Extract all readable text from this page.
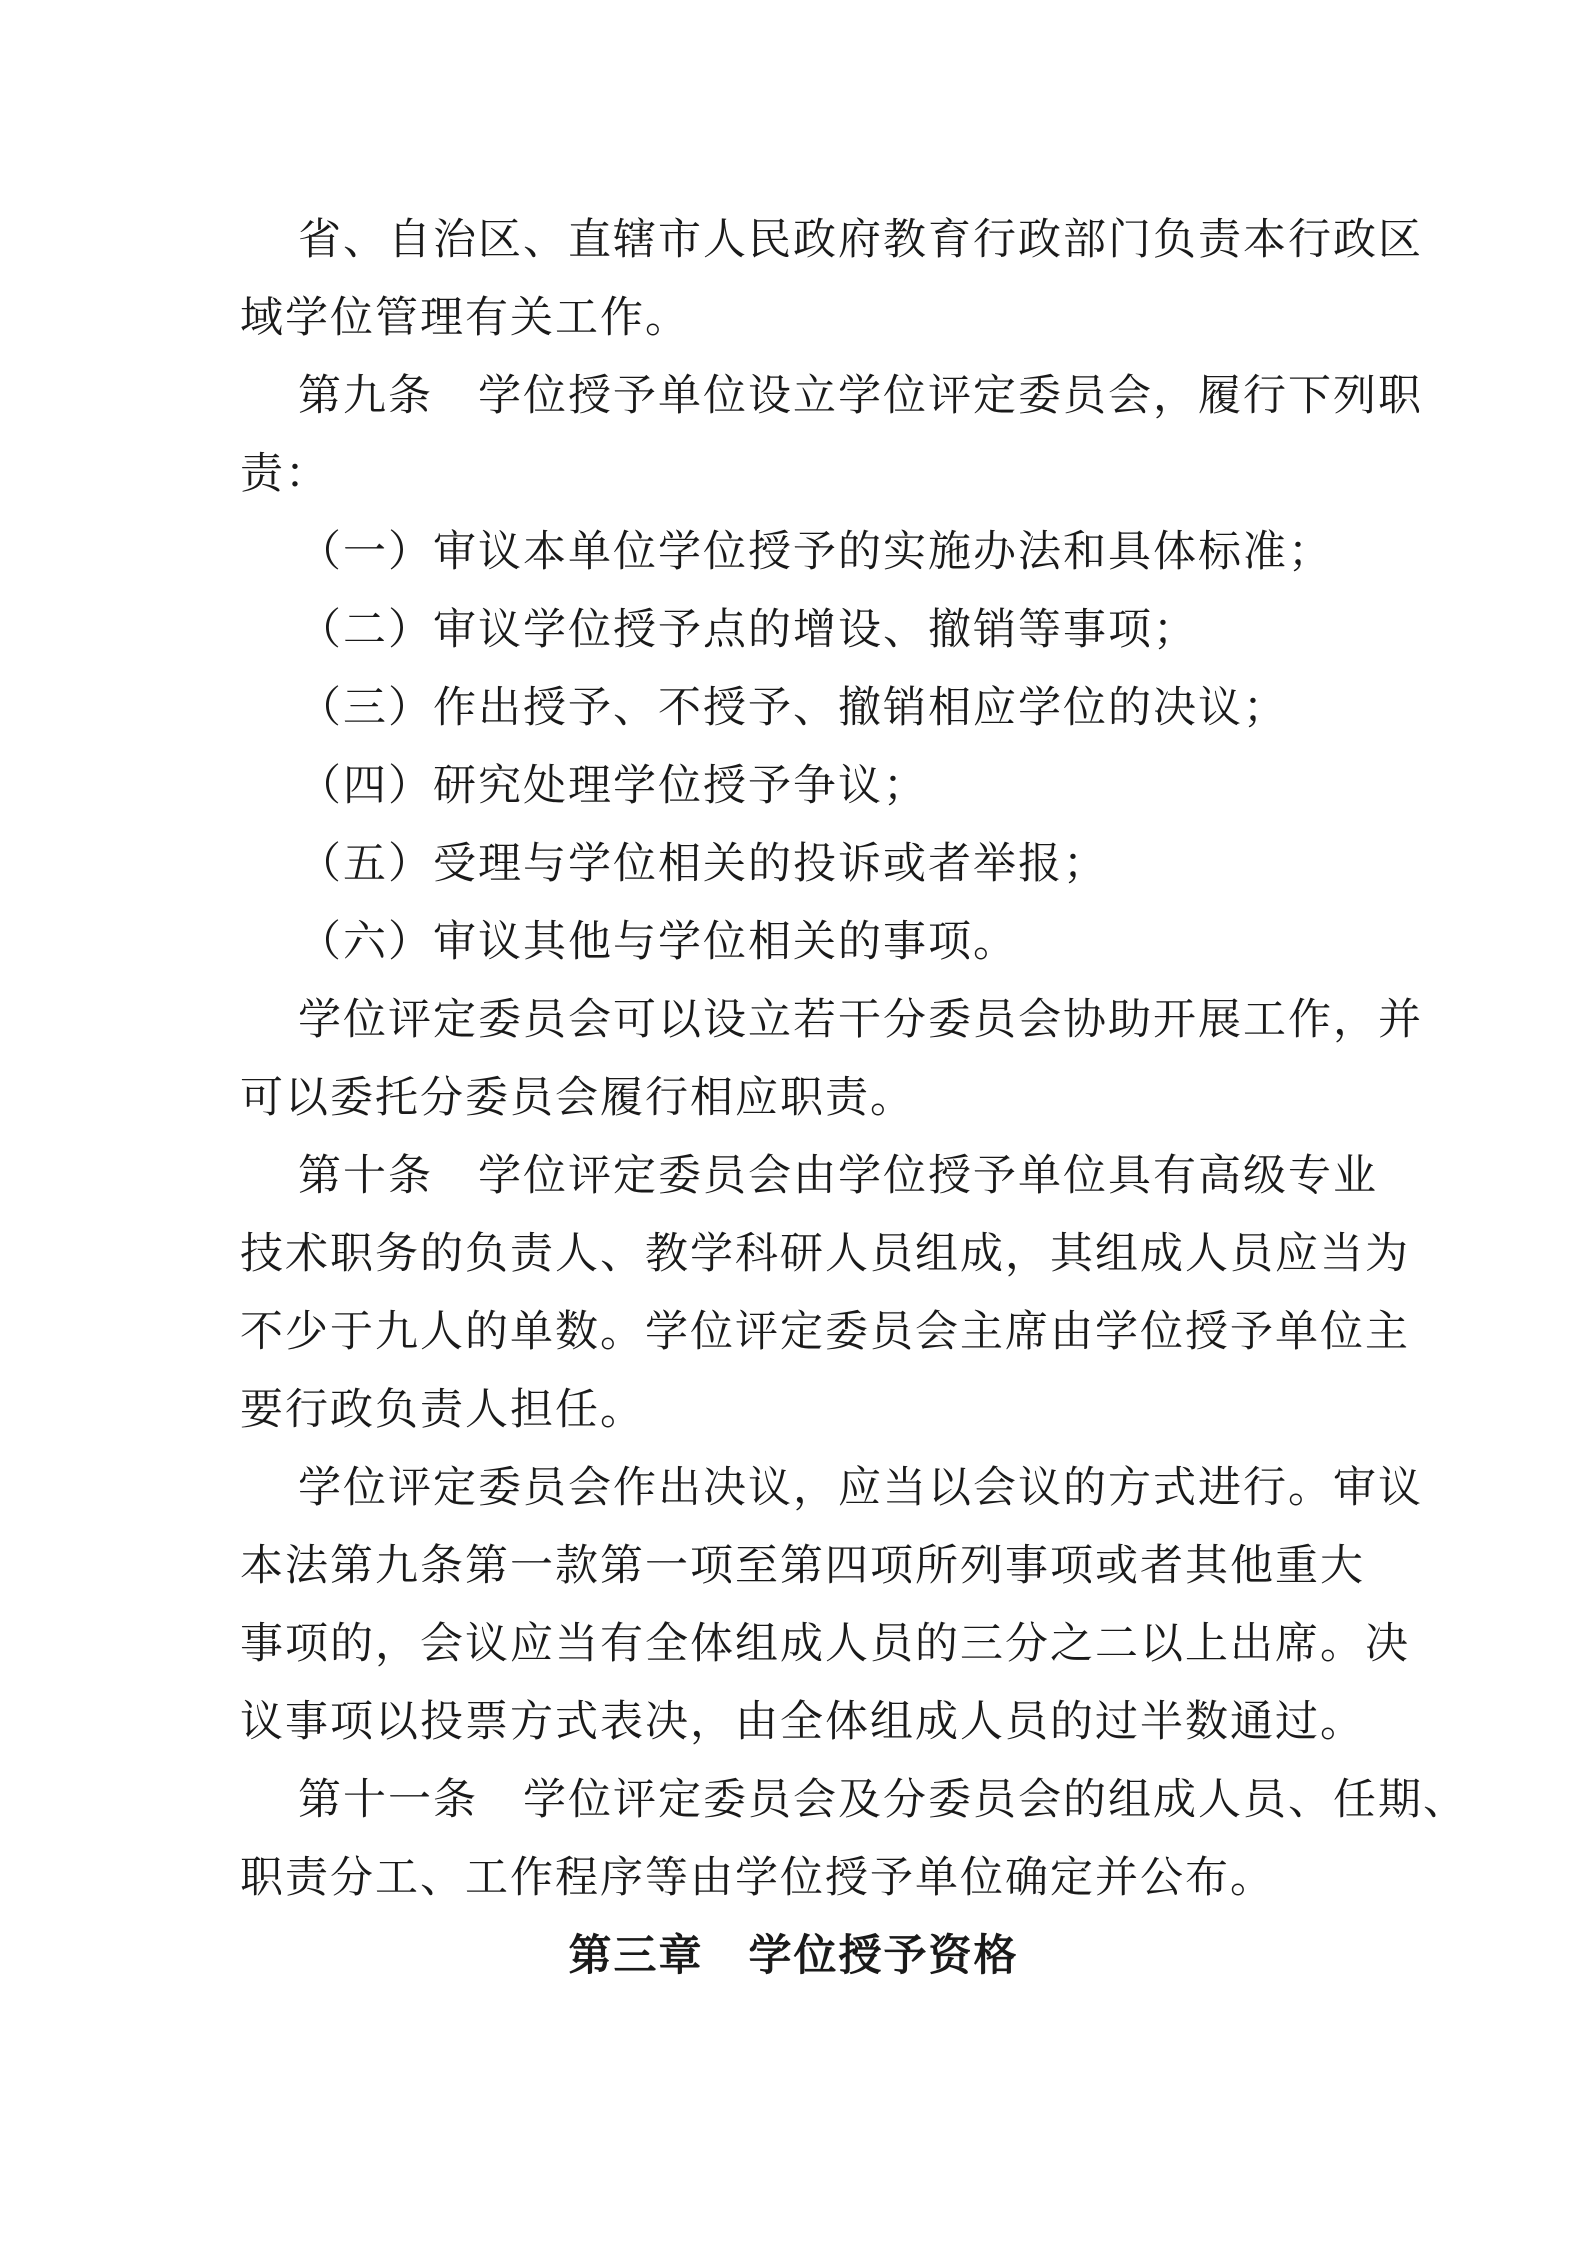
省、自治区、直辖市人民政府教育行政部门负责本行政区
域学位管理有关工作。
第九条　学位授予单位设立学位评定委员会，履行下列职
责：
（一）审议本单位学位授予的实施办法和具体标准；
（二）审议学位授予点的增设、撤销等事项；
（三）作出授予、不授予、撤销相应学位的决议；
（四）研究处理学位授予争议；
（五）受理与学位相关的投诉或者举报；
（六）审议其他与学位相关的事项。
学位评定委员会可以设立若干分委员会协助开展工作，并
可以委托分委员会履行相应职责。
第十条　学位评定委员会由学位授予单位具有高级专业
技术职务的负责人、教学科研人员组成，其组成人员应当为
不少于九人的单数。学位评定委员会主席由学位授予单位主
要行政负责人担任。
学位评定委员会作出决议，应当以会议的方式进行。审议
本法第九条第一款第一项至第四项所列事项或者其他重大
事项的，会议应当有全体组成人员的三分之二以上出席。决
议事项以投票方式表决，由全体组成人员的过半数通过。
第十一条　学位评定委员会及分委员会的组成人员、任期、
职责分工、工作程序等由学位授予单位确定并公布。
第三章　学位授予资格
